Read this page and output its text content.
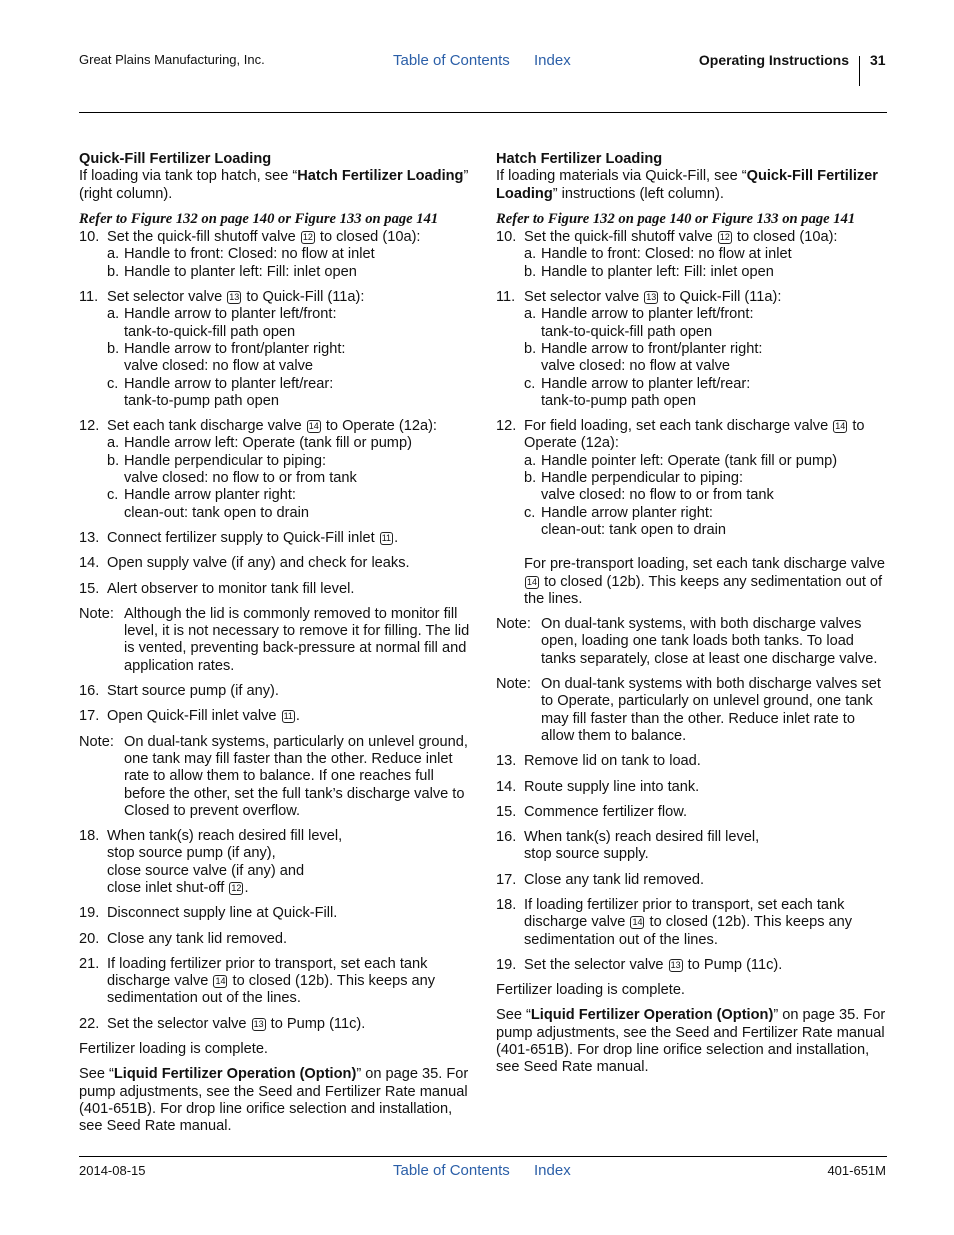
Great Plains Manufacturing, Inc.	Table of Contents Index	Operating Instructions 31
Quick-Fill Fertilizer Loading
If loading via tank top hatch, see “Hatch Fertilizer Loading” (right column).
Refer to Figure 132 on page 140 or Figure 133 on page 141
10. Set the quick-fill shutoff valve 12 to closed (10a):
a. Handle to front: Closed: no flow at inlet
b. Handle to planter left: Fill: inlet open
11. Set selector valve 13 to Quick-Fill (11a):
a. Handle arrow to planter left/front:
tank-to-quick-fill path open
b. Handle arrow to front/planter right:
valve closed: no flow at valve
c. Handle arrow to planter left/rear:
tank-to-pump path open
12. Set each tank discharge valve 14 to Operate (12a):
a. Handle arrow left: Operate (tank fill or pump)
b. Handle perpendicular to piping:
valve closed: no flow to or from tank
c. Handle arrow planter right:
clean-out: tank open to drain
13. Connect fertilizer supply to Quick-Fill inlet 11 .
14. Open supply valve (if any) and check for leaks.
15. Alert observer to monitor tank fill level.
Note: Although the lid is commonly removed to monitor fill level, it is not necessary to remove it for filling. The lid is vented, preventing back-pressure at normal fill and application rates.
16. Start source pump (if any).
17. Open Quick-Fill inlet valve 11 .
Note: On dual-tank systems, particularly on unlevel ground, one tank may fill faster than the other. Reduce inlet rate to allow them to balance. If one reaches full before the other, set the full tank’s discharge valve to Closed to prevent overflow.
18. When tank(s) reach desired fill level,
stop source pump (if any),
close source valve (if any) and
close inlet shut-off 12 .
19. Disconnect supply line at Quick-Fill.
20. Close any tank lid removed.
21. If loading fertilizer prior to transport, set each tank discharge valve 14 to closed (12b). This keeps any sedimentation out of the lines.
22. Set the selector valve 13 to Pump (11c).
Fertilizer loading is complete.
See “Liquid Fertilizer Operation (Option)” on page 35. For pump adjustments, see the Seed and Fertilizer Rate manual (401-651B). For drop line orifice selection and installation, see Seed Rate manual.
Hatch Fertilizer Loading
If loading materials via Quick-Fill, see “Quick-Fill Fertilizer Loading” instructions (left column).
Refer to Figure 132 on page 140 or Figure 133 on page 141
10. Set the quick-fill shutoff valve 12 to closed (10a):
a. Handle to front: Closed: no flow at inlet
b. Handle to planter left: Fill: inlet open
11. Set selector valve 13 to Quick-Fill (11a):
a. Handle arrow to planter left/front:
tank-to-quick-fill path open
b. Handle arrow to front/planter right:
valve closed: no flow at valve
c. Handle arrow to planter left/rear:
tank-to-pump path open
12. For field loading, set each tank discharge valve 14 to Operate (12a):
a. Handle pointer left: Operate (tank fill or pump)
b. Handle perpendicular to piping:
valve closed: no flow to or from tank
c. Handle arrow planter right:
clean-out: tank open to drain
For pre-transport loading, set each tank discharge valve 14 to closed (12b). This keeps any sedimentation out of the lines.
Note: On dual-tank systems, with both discharge valves open, loading one tank loads both tanks. To load tanks separately, close at least one discharge valve.
Note: On dual-tank systems with both discharge valves set to Operate, particularly on unlevel ground, one tank may fill faster than the other. Reduce inlet rate to allow them to balance.
13. Remove lid on tank to load.
14. Route supply line into tank.
15. Commence fertilizer flow.
16. When tank(s) reach desired fill level,
stop source supply.
17. Close any tank lid removed.
18. If loading fertilizer prior to transport, set each tank discharge valve 14 to closed (12b). This keeps any sedimentation out of the lines.
19. Set the selector valve 13 to Pump (11c).
Fertilizer loading is complete.
See “Liquid Fertilizer Operation (Option)” on page 35. For pump adjustments, see the Seed and Fertilizer Rate manual (401-651B). For drop line orifice selection and installation, see Seed Rate manual.
2014-08-15	Table of Contents Index	401-651M
